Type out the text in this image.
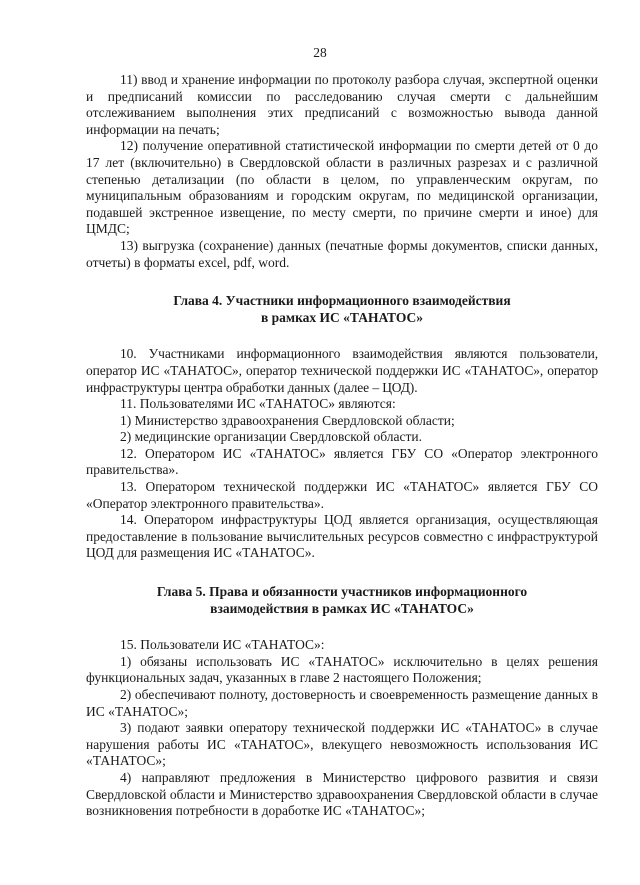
28

11) ввод и хранение информации по протоколу разбора случая, экспертной оценки и предписаний комиссии по расследованию случая смерти с дальнейшим отслеживанием выполнения этих предписаний с возможностью вывода данной информации на печать;

12) получение оперативной статистической информации по смерти детей от 0 до 17 лет (включительно) в Свердловской области в различных разрезах и с различной степенью детализации (по области в целом, по управленческим округам, по муниципальным образованиям и городским округам, по медицинской организации, подавшей экстренное извещение, по месту смерти, по причине смерти и иное) для ЦМДС;

13) выгрузка (сохранение) данных (печатные формы документов, списки данных, отчеты) в форматы excel, pdf, word.

Глава 4. Участники информационного взаимодействия

в рамках ИС «ТАНАТОС»

10. Участниками информационного взаимодействия являются пользователи, оператор ИС «ТАНАТОС», оператор технической поддержки ИС «ТАНАТОС», оператор инфраструктуры центра обработки данных (далее – ЦОД).

11. Пользователями ИС «ТАНАТОС» являются:

1) Министерство здравоохранения Свердловской области;

2) медицинские организации Свердловской области.

12. Оператором ИС «ТАНАТОС» является ГБУ СО «Оператор электронного правительства».

13. Оператором технической поддержки ИС «ТАНАТОС» является ГБУ СО «Оператор электронного правительства».

14. Оператором инфраструктуры ЦОД является организация, осуществляющая предоставление в пользование вычислительных ресурсов совместно с инфраструктурой ЦОД для размещения ИС «ТАНАТОС».

Глава 5. Права и обязанности участников информационного

взаимодействия в рамках ИС «ТАНАТОС»

15. Пользователи ИС «ТАНАТОС»:

1) обязаны использовать ИС «ТАНАТОС» исключительно в целях решения функциональных задач, указанных в главе 2 настоящего Положения;

2) обеспечивают полноту, достоверность и своевременность размещение данных в ИС «ТАНАТОС»;

3) подают заявки оператору технической поддержки ИС «ТАНАТОС» в случае нарушения работы ИС «ТАНАТОС», влекущего невозможность использования ИС «ТАНАТОС»;

4) направляют предложения в Министерство цифрового развития и связи Свердловской области и Министерство здравоохранения Свердловской области в случае возникновения потребности в доработке ИС «ТАНАТОС»;
